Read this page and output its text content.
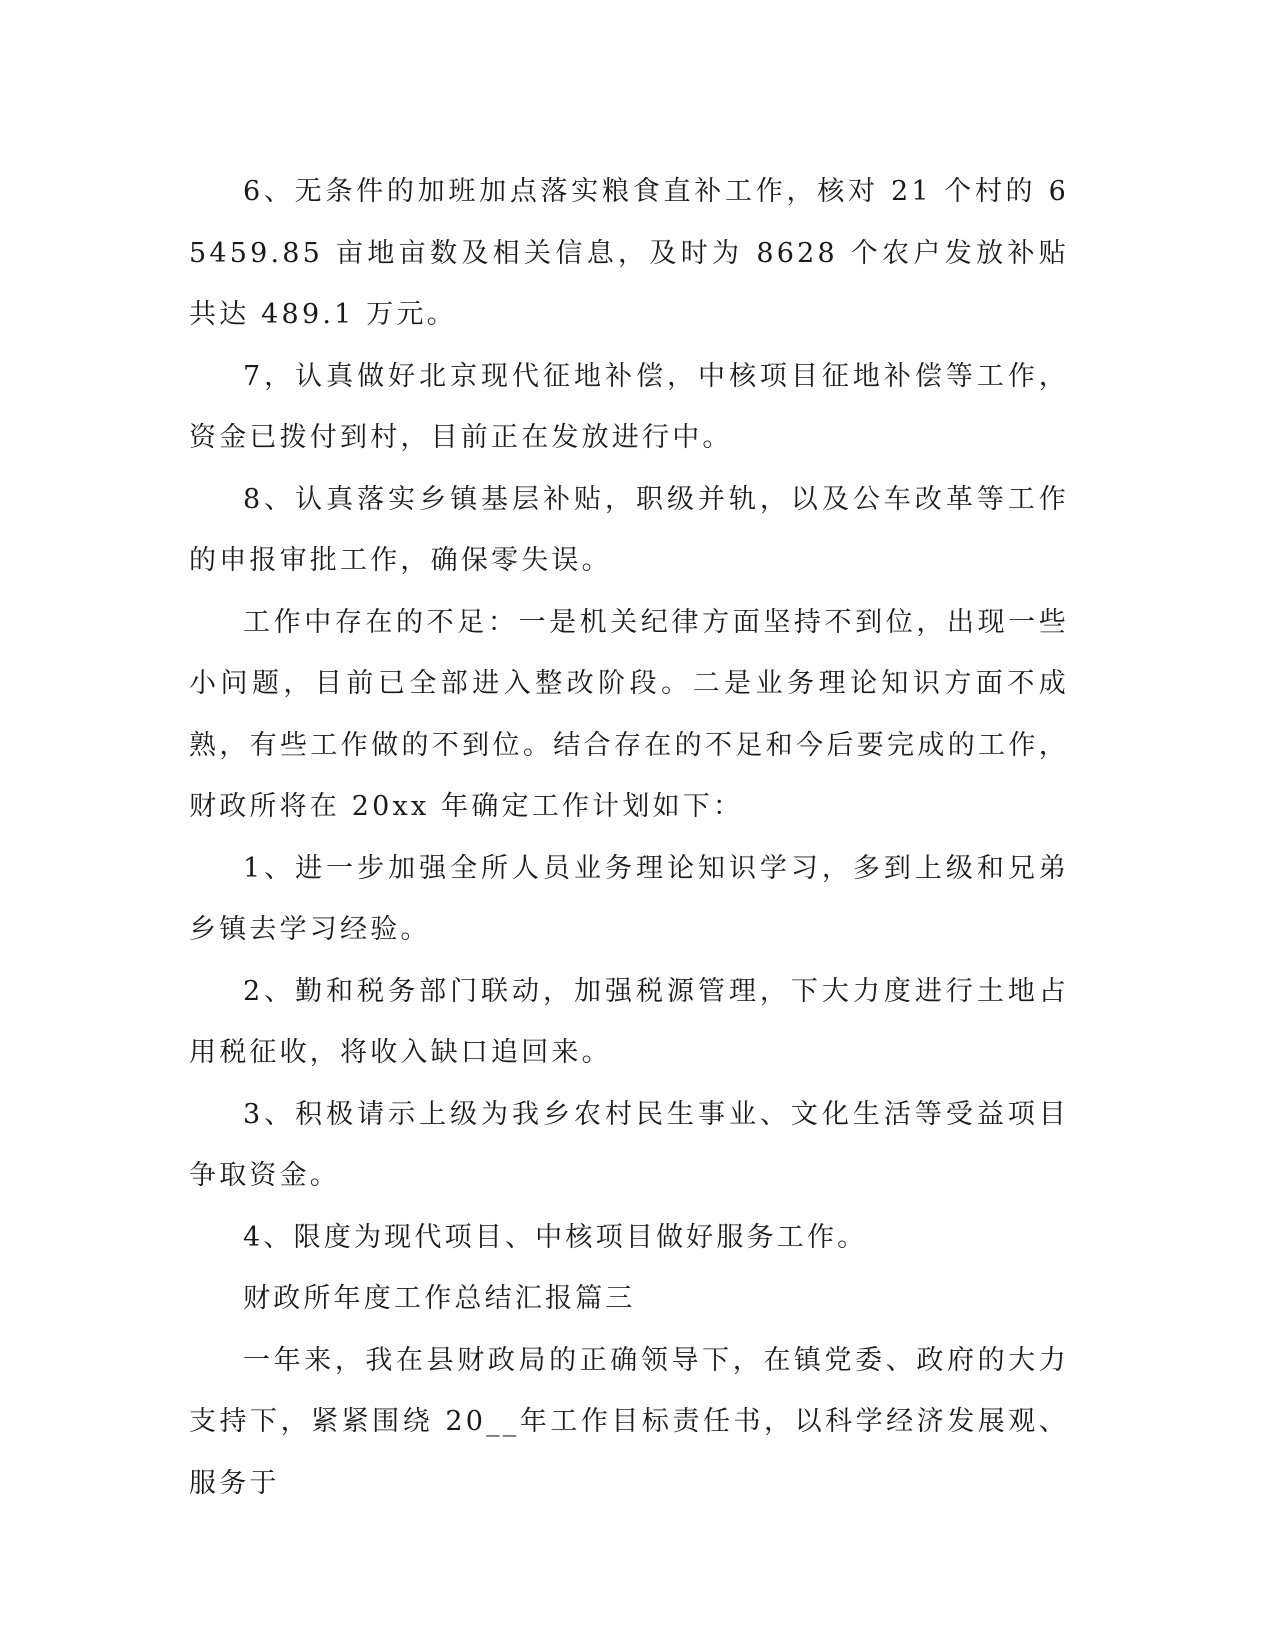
6、无条件的加班加点落实粮食直补工作，核对 21 个村的 65459.85 亩地亩数及相关信息，及时为 8628 个农户发放补贴共达 489.1 万元。

7，认真做好北京现代征地补偿，中核项目征地补偿等工作，资金已拨付到村，目前正在发放进行中。

8、认真落实乡镇基层补贴，职级并轨，以及公车改革等工作的申报审批工作，确保零失误。

工作中存在的不足：一是机关纪律方面坚持不到位，出现一些小问题，目前已全部进入整改阶段。二是业务理论知识方面不成熟，有些工作做的不到位。结合存在的不足和今后要完成的工作，财政所将在 20xx 年确定工作计划如下：

1、进一步加强全所人员业务理论知识学习，多到上级和兄弟乡镇去学习经验。

2、勤和税务部门联动，加强税源管理，下大力度进行土地占用税征收，将收入缺口追回来。

3、积极请示上级为我乡农村民生事业、文化生活等受益项目争取资金。

4、限度为现代项目、中核项目做好服务工作。

财政所年度工作总结汇报篇三

一年来，我在县财政局的正确领导下，在镇党委、政府的大力支持下，紧紧围绕 20__年工作目标责任书，以科学经济发展观、服务于
